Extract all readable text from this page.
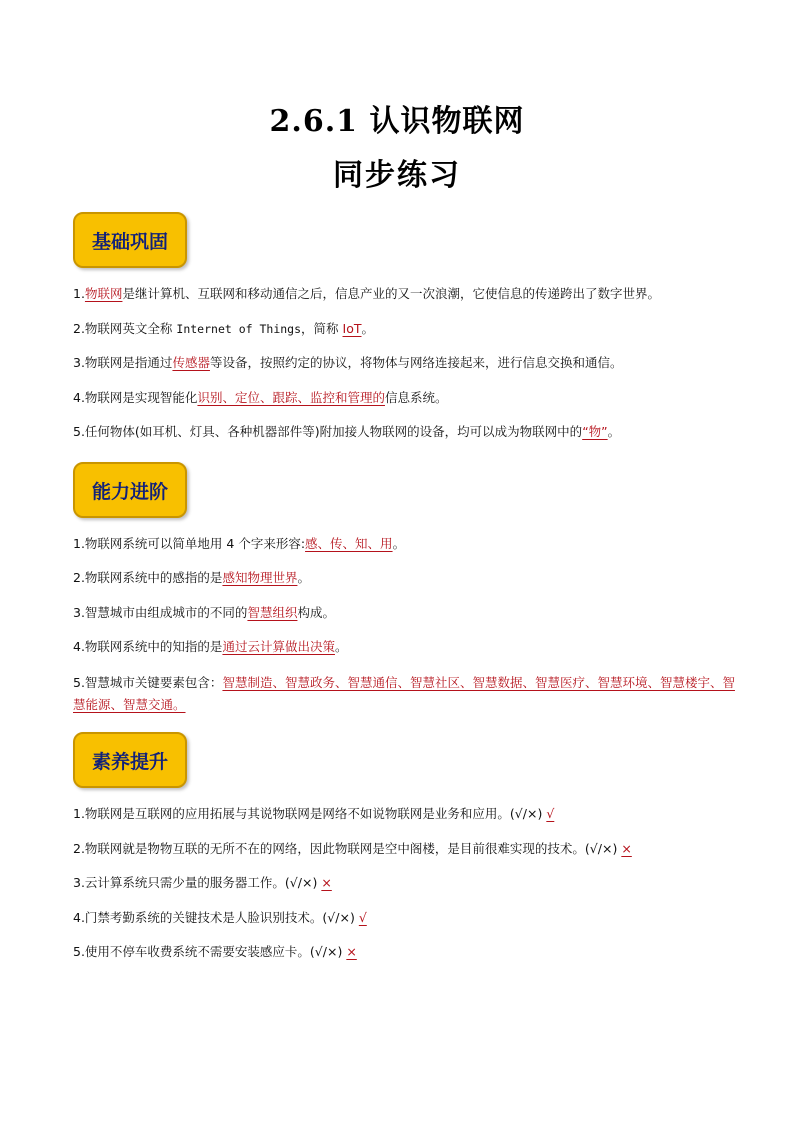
2.6.1 认识物联网
同步练习
基础巩固
1.物联网是继计算机、互联网和移动通信之后，信息产业的又一次浪潮，它使信息的传递跨出了数字世界。
2.物联网英文全称 Internet of Things，简称 IoT。
3.物联网是指通过传感器等设备，按照约定的协议，将物体与网络连接起来，进行信息交换和通信。
4.物联网是实现智能化识别、定位、跟踪、监控和管理的信息系统。
5.任何物体(如耳机、灯具、各种机器部件等)附加接人物联网的设备，均可以成为物联网中的“物”。
能力进阶
1.物联网系统可以简单地用 4 个字来形容:感、传、知、用。
2.物联网系统中的感指的是感知物理世界。
3.智慧城市由组成城市的不同的智慧组织构成。
4.物联网系统中的知指的是通过云计算做出决策。
5.智慧城市关键要素包含：智慧制造、智慧政务、智慧通信、智慧社区、智慧数据、智慧医疗、智慧环境、智慧楼宇、智慧能源、智慧交通。
素养提升
1.物联网是互联网的应用拓展与其说物联网是网络不如说物联网是业务和应用。(√/×) √
2.物联网就是物物互联的无所不在的网络，因此物联网是空中阁楼，是目前很难实现的技术。(√/×) ×
3.云计算系统只需少量的服务器工作。(√/×) ×
4.门禁考勤系统的关键技术是人脸识别技术。(√/×) √
5.使用不停车收费系统不需要安装感应卡。(√/×) ×
